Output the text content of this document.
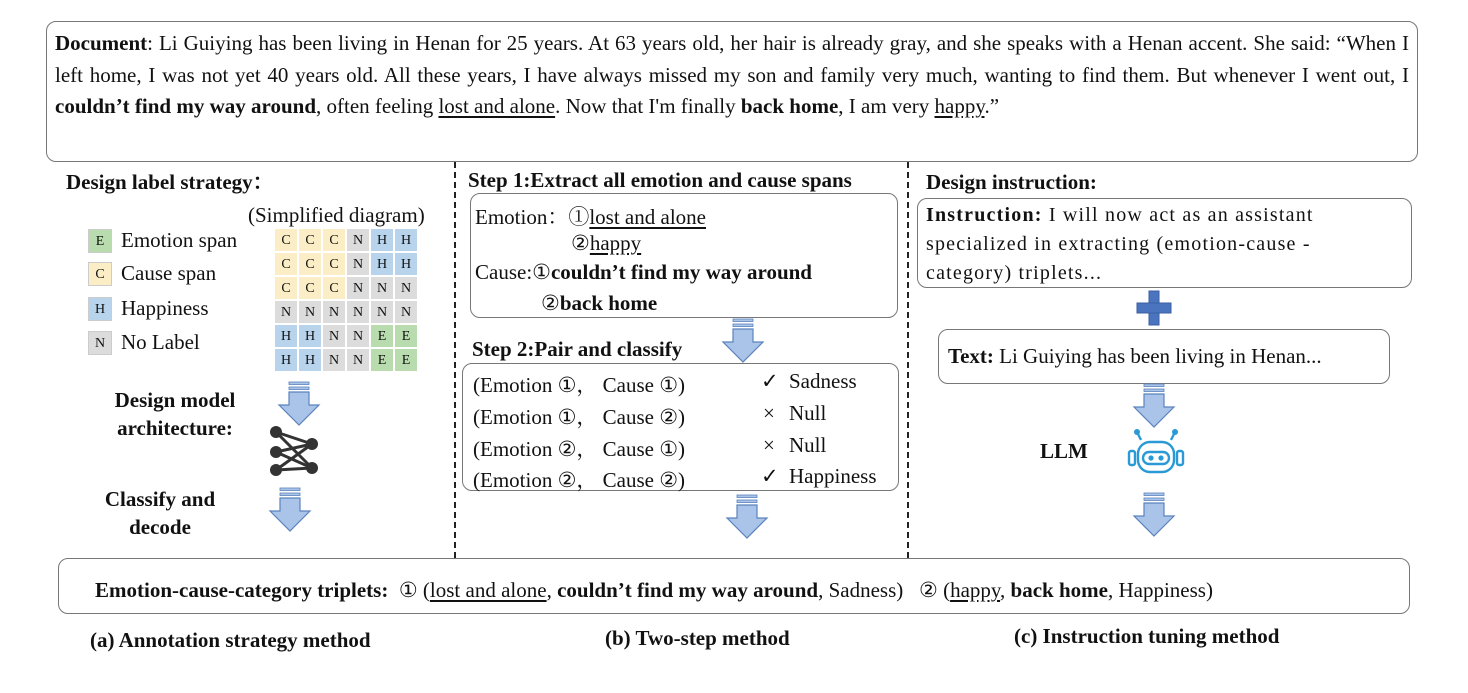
Document: Li Guiying has been living in Henan for 25 years. At 63 years old, her hair is already gray, and she speaks with a Henan accent. She said: “When I left home, I was not yet 40 years old. All these years, I have always missed my son and family very much, wanting to find them. But whenever I went out, I couldn’t find my way around, often feeling lost and alone. Now that I'm finally back home, I am very happy.”
Design label strategy：
(Simplified diagram)
E Emotion span
C Cause span
H Happiness
N No Label
C	C	C	N H H
C	C	C	N H H
C	C	C	N N N
N N N N N N
H H N N	E	E
H H N N	E	E
Design model
architecture:
Classify and
decode
Step 1:Extract all emotion and cause spans
Emotion：①lost and alone
②happy
Cause:①couldn’t find my way around
②back home
Step 2:Pair and classify
(Emotion ①， Cause ①)	✓ Sadness
(Emotion ①， Cause ②)	× Null
(Emotion ②， Cause ①)	× Null
(Emotion ②， Cause ②)	✓ Happiness
Design instruction:
Instruction: I will now act as an assistant specialized in extracting (emotion-cause - category) triplets...
Text: Li Guiying has been living in Henan...
LLM
Emotion-cause-category triplets: ① (lost and alone, couldn’t find my way around, Sadness) ② (happy, back home, Happiness)
(a) Annotation strategy method	(b) Two-step method	(c) Instruction tuning method
